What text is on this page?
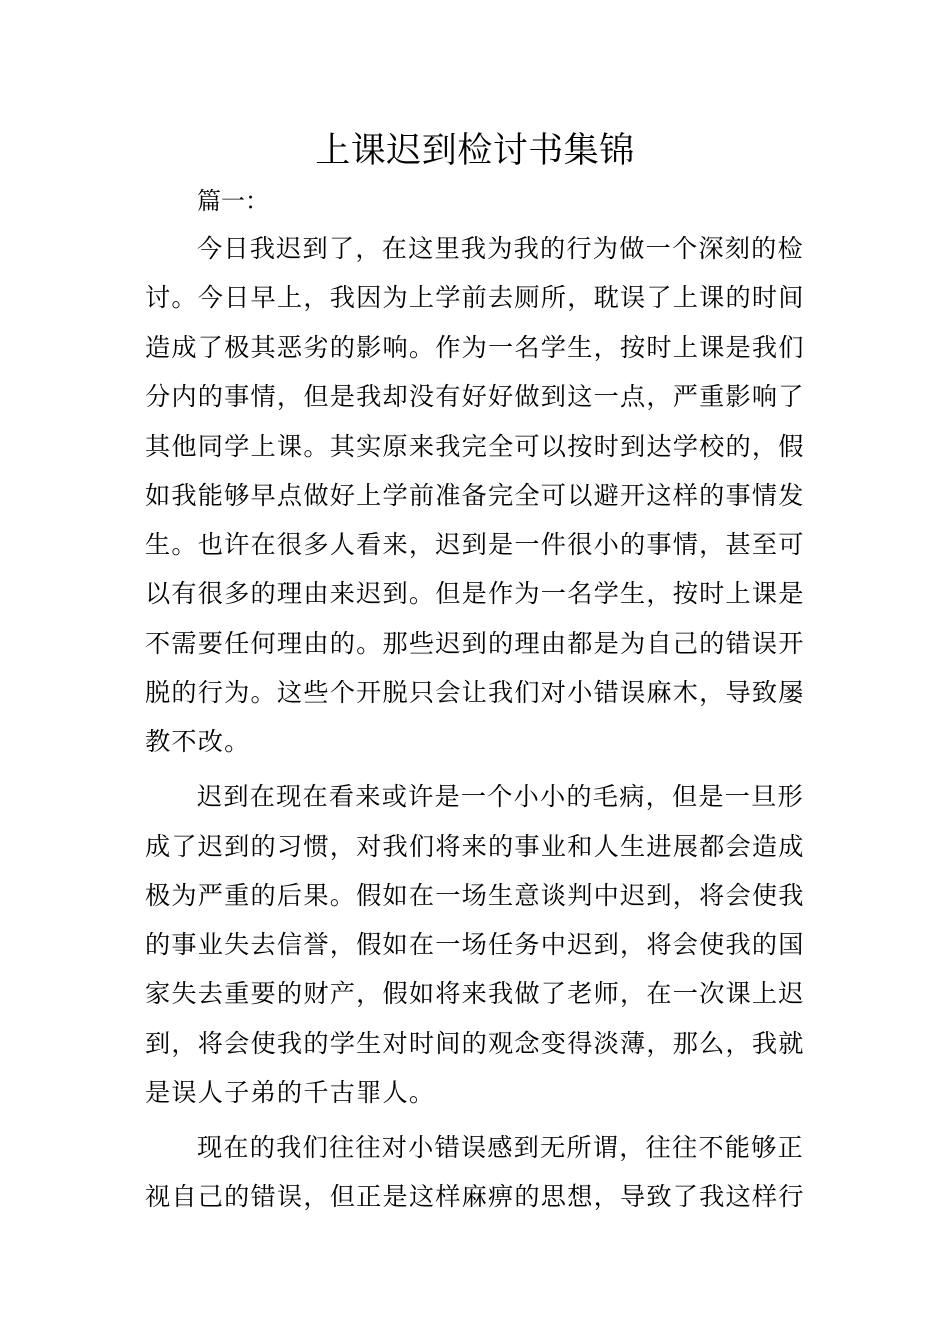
上课迟到检讨书集锦
篇一：
今日我迟到了，在这里我为我的行为做一个深刻的检
讨。今日早上，我因为上学前去厕所，耽误了上课的时间
造成了极其恶劣的影响。作为一名学生，按时上课是我们
分内的事情，但是我却没有好好做到这一点，严重影响了
其他同学上课。其实原来我完全可以按时到达学校的，假
如我能够早点做好上学前准备完全可以避开这样的事情发
生。也许在很多人看来，迟到是一件很小的事情，甚至可
以有很多的理由来迟到。但是作为一名学生，按时上课是
不需要任何理由的。那些迟到的理由都是为自己的错误开
脱的行为。这些个开脱只会让我们对小错误麻木，导致屡
教不改。
迟到在现在看来或许是一个小小的毛病，但是一旦形
成了迟到的习惯，对我们将来的事业和人生进展都会造成
极为严重的后果。假如在一场生意谈判中迟到，将会使我
的事业失去信誉，假如在一场任务中迟到，将会使我的国
家失去重要的财产，假如将来我做了老师，在一次课上迟
到，将会使我的学生对时间的观念变得淡薄，那么，我就
是误人子弟的千古罪人。
现在的我们往往对小错误感到无所谓，往往不能够正
视自己的错误，但正是这样麻痹的思想，导致了我这样行
